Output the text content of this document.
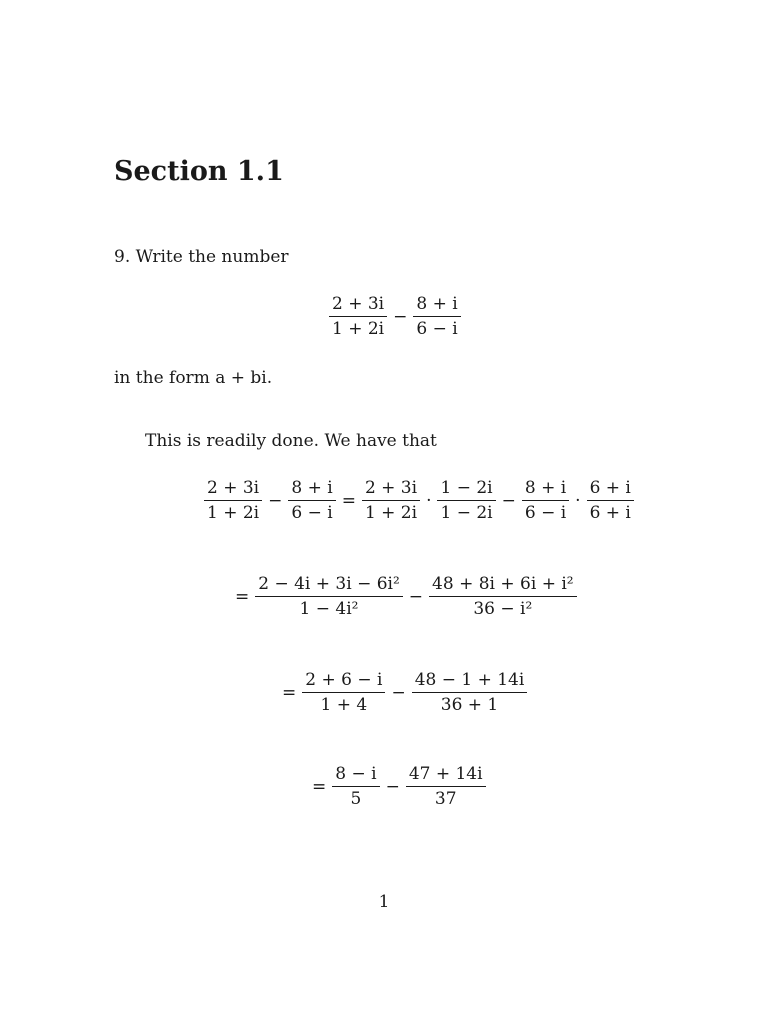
Section 1.1

9. Write the number

$\frac{2 + 3i}{1 + 2i} - \frac{8 + i}{6 - i}$

in the form a + bi.

This is readily done. We have that

$\frac{2 + 3i}{1 + 2i} - \frac{8 + i}{6 - i} = \frac{2 + 3i}{1 + 2i} \cdot \frac{1 - 2i}{1 - 2i} - \frac{8 + i}{6 - i} \cdot \frac{6 + i}{6 + i}$
= $\frac{\text{2 − 4i + 3i − 6i²}}{\text{1 − 4i²}} - \frac{\text{48 + 8i + 6i + i²}}{\text{36 − i²}}$
= $\frac{2 + 6 - i}{1 + 4} - \frac{48 - 1 + 14i}{36 + 1}$
= $\frac{8 - i}{5} - \frac{47 + 14i}{37}$
1
